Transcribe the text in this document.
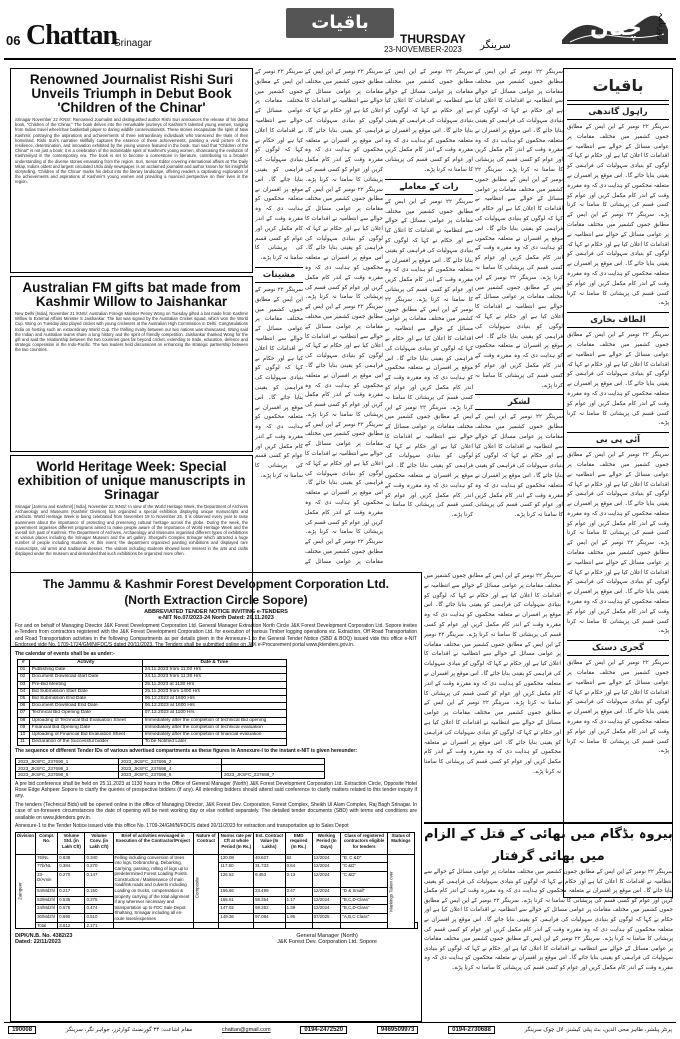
06 Chattan
Srinagar
باقیات
THURSDAY
23-NOVEMBER-2023 سرینگر
چٹان روزنامہ
Renowned Journalist Rishi Suri Unveils Triumph in Debut Book 'Children of the Chinar'

Srinagar November 22 /KNS/: Renowned Journalist and distinguished author Rishi Suri announces the release of his debut book, "Children of the Chinar." The book delves into the remarkable journeys of Kashmir's talented young women, ranging from Indian travel wheelchair basketball player to daring wildlife conservationists. These stories encapsulate the spirit of New Kashmir, portraying the aspirations and achievements of three extraordinary individuals who transcend the trials of their homeland. Rishi Suri's narrative skillfully captures the essence of these achievements, painting a vivid picture of the resilience, determination, and innovation exhibited by the young women featured in the book. Suri said that "Children of the Chinar" is not just a book; it is a celebration of the indomitable spirit of Kashmir's young women, showcasing the evolution of Kashmiriyat in the contemporary era. The book is set to become a cornerstone in literature, contributing to a broader understanding of the diverse stories emanating from the region. Suri, Senior Editor covering international affairs at The Daily Milap, India's oldest and largest circulated Urdu daily newspaper, is an acclaimed journalist and author known for his insightful storytelling. 'Children of the Chinar' marks his debut into the literary landscape, offering readers a captivating exploration of the achievements and aspirations of Kashmir's young women and providing a nuanced perspective on their lives in the region.

Australian FM gifts bat made from Kashmir Willow to Jaishankar

New Delhi [India], November 21 /KNS/: Australian Foreign Minister Penny Wong on Tuesday gifted a bat made from Kashmir Willow to External Affairs Minister S Jaishankar. The bat was signed by the Australian Cricket squad, which won the World Cup. Wong on Tuesday also played cricket with young cricketers at the Australian High Commission in Delhi. Congratulations India on hosting such an extraordinary World Cup. The thrilling rivalry between our two nations was showcased. Wong said the Indian and Australian teams share a long history and the spirit of friendly competition. Jaishankar thanked Wong for the gift and said the relationship between the two countries goes far beyond cricket, extending to trade, education, defence and strategic cooperation in the Indo-Pacific. The two leaders held discussions on enhancing the strategic partnership between the two countries.

World Heritage Week: Special exhibition of unique manuscripts in Srinagar

Srinagar [Jammu and Kashmir] [India], November 22 /KNS/: In view of the World Heritage Week, the Department of Archives Archaeology and Museums (Kashmir Division) has organized a special exhibition displaying unique manuscripts and artefacts. World Heritage Week is being celebrated from November 19 to November 25. It is observed every year to raise awareness about the importance of protecting and preserving cultural heritage across the globe. During the week, the government organises different programs aimed to make people aware of the importance of World Heritage Week and the overall rich past of Kashmir. The Department of Archives, Archaeology and Museums organised different types of exhibitions at various places including the Srinagar Museum and the art gallery. Shergarhi Complex Srinagar which attracted a huge number of people including students. At this event, the department organized painting exhibitions and displayed rare manuscripts, old arms and traditional dresses. The visitors including students showed keen interest in the arts and crafts displayed under the museum and demanded that such exhibitions be organized more often.

سرینگر ۲۲ نومبر کے این ایس کے مطابق جموں کشمیر میں مختلف مقامات پر عوامی مسائل کے حوالے سے انتظامیہ نے اقدامات کا اعلان کیا ہے اور حکام نے کہا کہ لوگوں کو بنیادی سہولیات کی فراہمی کو یقینی بنایا جائے گا۔ اس موقع پر افسران نے متعلقہ محکموں کو ہدایت دی کہ وہ مقررہ وقت کے اندر کام مکمل کریں اور عوام کو کسی قسم کی پریشانی کا سامنا نہ کرنا پڑے۔
مشینات
سرینگر ۲۲ نومبر کے این ایس کے مطابق جموں کشمیر میں مختلف مقامات پر عوامی مسائل کے حوالے سے انتظامیہ نے اقدامات کا اعلان کیا ہے اور حکام نے کہا کہ لوگوں کو بنیادی سہولیات کی فراہمی کو یقینی بنایا جائے گا۔ اس موقع پر افسران نے متعلقہ محکموں کو ہدایت دی کہ وہ مقررہ وقت کے اندر کام مکمل کریں اور عوام کو کسی قسم کی پریشانی کا سامنا نہ کرنا پڑے۔
سرینگر ۲۲ نومبر کے این ایس کے مطابق جموں کشمیر میں مختلف مقامات پر عوامی مسائل کے حوالے سے انتظامیہ نے اقدامات کا اعلان کیا ہے اور حکام نے کہا کہ لوگوں کو بنیادی سہولیات کی فراہمی کو یقینی بنایا جائے گا۔ اس موقع پر افسران نے متعلقہ محکموں کو ہدایت دی کہ وہ مقررہ وقت کے اندر کام مکمل کریں اور عوام کو کسی قسم کی پریشانی کا سامنا نہ کرنا پڑے۔ سرینگر ۲۲ نومبر کے این ایس کے مطابق جموں کشمیر میں مختلف مقامات پر عوامی مسائل کے حوالے سے انتظامیہ نے اقدامات کا اعلان کیا ہے اور حکام نے کہا کہ لوگوں کو بنیادی سہولیات کی فراہمی کو یقینی بنایا جائے گا۔ اس موقع پر افسران نے متعلقہ محکموں کو ہدایت دی کہ وہ مقررہ وقت کے اندر کام مکمل کریں اور عوام کو کسی قسم کی پریشانی کا سامنا نہ کرنا پڑے۔ سرینگر ۲۲ نومبر کے این ایس کے مطابق جموں کشمیر میں مختلف مقامات پر عوامی مسائل کے حوالے سے انتظامیہ نے اقدامات کا اعلان کیا ہے اور حکام نے کہا کہ لوگوں کو بنیادی سہولیات کی فراہمی کو یقینی بنایا جائے گا۔ اس موقع پر افسران نے متعلقہ محکموں کو ہدایت دی کہ وہ مقررہ وقت کے اندر کام مکمل کریں اور عوام کو کسی قسم کی پریشانی کا سامنا نہ کرنا پڑے۔ سرینگر ۲۲ نومبر کے این ایس کے مطابق جموں کشمیر میں مختلف مقامات پر عوامی مسائل کے حوالے سے انتظامیہ نے اقدامات کا اعلان کیا ہے اور حکام نے کہا کہ لوگوں کو بنیادی سہولیات کی فراہمی کو یقینی بنایا جائے گا۔ اس موقع پر افسران نے متعلقہ محکموں کو ہدایت دی کہ وہ مقررہ وقت کے اندر کام مکمل کریں اور عوام کو کسی قسم کی پریشانی کا سامنا نہ کرنا پڑے۔ سرینگر ۲۲ نومبر کے این ایس کے مطابق جموں کشمیر میں مختلف مقامات پر عوامی مسائل کے
سرینگر ۲۲ نومبر کے این ایس کے مطابق جموں کشمیر میں مختلف مقامات پر عوامی مسائل کے حوالے سے انتظامیہ نے اقدامات کا اعلان کیا ہے اور حکام نے کہا کہ لوگوں کو بنیادی سہولیات کی فراہمی کو یقینی بنایا جائے گا۔ اس موقع پر افسران نے متعلقہ محکموں کو ہدایت دی کہ وہ مقررہ وقت کے اندر کام مکمل کریں اور عوام کو کسی قسم کی پریشانی کا سامنا نہ کرنا پڑے۔
رات کے معاملے
سرینگر ۲۲ نومبر کے این ایس کے مطابق جموں کشمیر میں مختلف مقامات پر عوامی مسائل کے حوالے سے انتظامیہ نے اقدامات کا اعلان کیا ہے اور حکام نے کہا کہ لوگوں کو بنیادی سہولیات کی فراہمی کو یقینی بنایا جائے گا۔ اس موقع پر افسران نے متعلقہ محکموں کو ہدایت دی کہ وہ مقررہ وقت کے اندر کام مکمل کریں اور عوام کو کسی قسم کی پریشانی کا سامنا نہ کرنا پڑے۔ سرینگر ۲۲ نومبر کے این ایس کے مطابق جموں کشمیر میں مختلف مقامات پر عوامی مسائل کے حوالے سے انتظامیہ نے اقدامات کا اعلان کیا ہے اور حکام نے کہا کہ لوگوں کو بنیادی سہولیات کی فراہمی کو یقینی بنایا جائے گا۔ اس موقع پر افسران نے متعلقہ محکموں کو ہدایت دی کہ وہ مقررہ وقت کے اندر کام مکمل کریں اور عوام کو کسی قسم کی پریشانی کا سامنا نہ کرنا پڑے۔ سرینگر ۲۲ نومبر کے این ایس کے مطابق جموں کشمیر میں مختلف مقامات پر عوامی مسائل کے حوالے سے انتظامیہ نے اقدامات کا اعلان کیا ہے اور حکام نے کہا کہ لوگوں کو بنیادی سہولیات کی فراہمی کو یقینی بنایا جائے گا۔ اس موقع پر افسران نے متعلقہ محکموں کو ہدایت دی کہ وہ مقررہ وقت کے اندر کام مکمل کریں اور عوام کو کسی قسم کی پریشانی کا سامنا نہ کرنا پڑے۔
سرینگر ۲۲ نومبر کے این ایس کے مطابق جموں کشمیر میں مختلف مقامات پر عوامی مسائل کے حوالے سے انتظامیہ نے اقدامات کا اعلان کیا ہے اور حکام نے کہا کہ لوگوں کو بنیادی سہولیات کی فراہمی کو یقینی بنایا جائے گا۔ اس موقع پر افسران نے متعلقہ محکموں کو ہدایت دی کہ وہ مقررہ وقت کے اندر کام مکمل کریں اور عوام کو کسی قسم کی پریشانی کا سامنا نہ کرنا پڑے۔ سرینگر ۲۲ نومبر کے این ایس کے مطابق جموں کشمیر میں مختلف مقامات پر عوامی مسائل کے حوالے سے انتظامیہ نے اقدامات کا اعلان کیا ہے اور حکام نے کہا کہ لوگوں کو بنیادی سہولیات کی فراہمی کو یقینی بنایا جائے گا۔ اس موقع پر افسران نے متعلقہ محکموں کو ہدایت دی کہ وہ مقررہ وقت کے اندر کام مکمل کریں اور عوام کو کسی قسم کی پریشانی کا سامنا نہ کرنا پڑے۔ سرینگر ۲۲ نومبر کے این ایس کے مطابق جموں کشمیر میں مختلف مقامات پر عوامی مسائل کے حوالے سے انتظامیہ نے اقدامات کا اعلان کیا ہے اور حکام نے کہا کہ لوگوں کو بنیادی سہولیات کی فراہمی کو یقینی بنایا جائے گا۔ اس موقع پر افسران نے متعلقہ محکموں کو ہدایت دی کہ وہ مقررہ وقت کے اندر کام مکمل کریں اور عوام کو کسی قسم کی پریشانی کا سامنا نہ کرنا پڑے۔
لشکر
سرینگر ۲۲ نومبر کے این ایس کے مطابق جموں کشمیر میں مختلف مقامات پر عوامی مسائل کے حوالے سے انتظامیہ نے اقدامات کا اعلان کیا ہے اور حکام نے کہا کہ لوگوں کو بنیادی سہولیات کی فراہمی کو یقینی بنایا جائے گا۔ اس موقع پر افسران نے متعلقہ محکموں کو ہدایت دی کہ وہ مقررہ وقت کے اندر کام مکمل کریں اور عوام کو کسی قسم کی پریشانی کا سامنا نہ کرنا پڑے۔
باقیات
راہول گاندھی
سرینگر ۲۲ نومبر کے این ایس کے مطابق جموں کشمیر میں مختلف مقامات پر عوامی مسائل کے حوالے سے انتظامیہ نے اقدامات کا اعلان کیا ہے اور حکام نے کہا کہ لوگوں کو بنیادی سہولیات کی فراہمی کو یقینی بنایا جائے گا۔ اس موقع پر افسران نے متعلقہ محکموں کو ہدایت دی کہ وہ مقررہ وقت کے اندر کام مکمل کریں اور عوام کو کسی قسم کی پریشانی کا سامنا نہ کرنا پڑے۔ سرینگر ۲۲ نومبر کے این ایس کے مطابق جموں کشمیر میں مختلف مقامات پر عوامی مسائل کے حوالے سے انتظامیہ نے اقدامات کا اعلان کیا ہے اور حکام نے کہا کہ لوگوں کو بنیادی سہولیات کی فراہمی کو یقینی بنایا جائے گا۔ اس موقع پر افسران نے متعلقہ محکموں کو ہدایت دی کہ وہ مقررہ وقت کے اندر کام مکمل کریں اور عوام کو کسی قسم کی پریشانی کا سامنا نہ کرنا پڑے۔
الطاف بخاری
سرینگر ۲۲ نومبر کے این ایس کے مطابق جموں کشمیر میں مختلف مقامات پر عوامی مسائل کے حوالے سے انتظامیہ نے اقدامات کا اعلان کیا ہے اور حکام نے کہا کہ لوگوں کو بنیادی سہولیات کی فراہمی کو یقینی بنایا جائے گا۔ اس موقع پر افسران نے متعلقہ محکموں کو ہدایت دی کہ وہ مقررہ وقت کے اندر کام مکمل کریں اور عوام کو کسی قسم کی پریشانی کا سامنا نہ کرنا پڑے۔
آئی پی بی
سرینگر ۲۲ نومبر کے این ایس کے مطابق جموں کشمیر میں مختلف مقامات پر عوامی مسائل کے حوالے سے انتظامیہ نے اقدامات کا اعلان کیا ہے اور حکام نے کہا کہ لوگوں کو بنیادی سہولیات کی فراہمی کو یقینی بنایا جائے گا۔ اس موقع پر افسران نے متعلقہ محکموں کو ہدایت دی کہ وہ مقررہ وقت کے اندر کام مکمل کریں اور عوام کو کسی قسم کی پریشانی کا سامنا نہ کرنا پڑے۔ سرینگر ۲۲ نومبر کے این ایس کے مطابق جموں کشمیر میں مختلف مقامات پر عوامی مسائل کے حوالے سے انتظامیہ نے اقدامات کا اعلان کیا ہے اور حکام نے کہا کہ لوگوں کو بنیادی سہولیات کی فراہمی کو یقینی بنایا جائے گا۔ اس موقع پر افسران نے متعلقہ محکموں کو ہدایت دی کہ وہ مقررہ وقت کے اندر کام مکمل کریں اور عوام کو کسی قسم کی پریشانی کا سامنا نہ کرنا پڑے۔
گجری دستک
سرینگر ۲۲ نومبر کے این ایس کے مطابق جموں کشمیر میں مختلف مقامات پر عوامی مسائل کے حوالے سے انتظامیہ نے اقدامات کا اعلان کیا ہے اور حکام نے کہا کہ لوگوں کو بنیادی سہولیات کی فراہمی کو یقینی بنایا جائے گا۔ اس موقع پر افسران نے متعلقہ محکموں کو ہدایت دی کہ وہ مقررہ وقت کے اندر کام مکمل کریں اور عوام کو کسی قسم کی پریشانی کا سامنا نہ کرنا پڑے۔
The Jammu & Kashmir Forest Development Corporation Ltd.
(North Extraction Circle Sopore)
ABBREVIATED TENDER NOTICE INVITING e-TENDERS
e-NIT No.07/2023-24 North Dated: 20.11.2023
For and on behalf of Managing Director J&K Forest Development Corporation Ltd. General Manager Extraction North Circle J&K Forest Development Corporation Ltd. Sopore invites e-Tenders from contractors registered with the J&K Forest Development Corporation Ltd. for execution of various Timber logging operations viz. Extraction, Off Road Transportation and Road Transportation activities in the following Compartments as per details given in the Annexure-1 to the General Tender Notice (SBD & BOQ) issued vide this office e-NIT Endorsed vide No. 1709-1724/GM/N/FDC/S dated 20/11/2023. The Tenders shall be submitted online on J&K e-Procurement portal www.jktenders.gov.in.
The calendar of events shall be as under:-
#	Activity	Date & Time
01	Publishing Date	24.11.2023 from 11:00 Hrs
02	Document Download start Date	24.11.2023 from 11:30 Hrs
03	Pre-Bid Meeting	25.11.2023 at 1130 Hrs
04	Bid Submission Start Date	25.11.2023 from 1400 Hrs
05	Bid Submission End Date	06.12.2023 at 1600 Hrs
06	Document Download End Date	06.12.2023 at 1600 Hrs
07	Technical Bid Opening Date	07.12.2023 at 1100 Hrs
08	Uploading of Technical Bid Evaluation Sheet	Immediately after the completion of technical Bid opening
09	Financial Bid Opening Date	Immediately after the completion of technical evaluation
10	Uploading of Financial Bid Evaluation Sheet	Immediately after the completion of financial evaluation
11	Declaration of the Successful bidder	To be Notified Later
The sequence of different Tender IDs of various advertised compartments as these figures in Annexure-I to the instant e-NIT is given hereunder:
2023_JKSFC_237690_1	2023_JKSFC_237696_2	
2023_JKSFC_237698_3	2023_JKSFC_237698_4	
2023_JKSFC_237698_5	2023_JKSFC_237698_6	2023_JKSFC_237698_7
A pre bid conference shall be held on 25.11.2023 at 1130 hours in the Office of General Manager (North) J&K Forest Development Corporation Ltd. Extraction Circle, Opposite Hotel Rose Edge Ashpeer Sopore to clarify the queries of prospective bidders (if any). All intending bidders should attend said conference to clarify matters related to this tender inquiry if any.
The tenders (Technical Bids) will be opened online in the office of Managing Director, J&K Forest Dev. Corporation, Forest Complex, Sheikh Ul Alam Complex, Raj Bagh Srinagar. In case of un-foreseen circumstances the date of opening will be next working day or else notified separately. The detailed tender documents (SBD) with terms and conditions are available on www.jktenders.gov.in.
Annexure-1 to the Tender Notice issued vide this office No. 1709-24/GM/N/FDC/S dated 20/11/2023 for extraction and transportation up to Sales Depot
Division	Compt. No.	Volume Std. (in Lakh Cft)	Volume Conv. (in Lakh Cft)	Brief of activities envisaged in Execution of the Contractor/Project	Nature of Contract	Norms rate per Cft at whole Period (In Rs.)	Est. Contract Value (In Lakhs)	EMD required (In Rs.)	Working Period (In Days)	Class of registered contractors eligible for tenders	Status of Markings	
Zaingeer	76/NL	0.838	0.340	Felling including conversion of trees into logs, Debranching, Debarking, Carrying, passing, rolling of logs up to predetermined Forest Loading Points. Construction / Maintenance of main road/link roads and culverts including Loading on trucks, compensation & property carrying of the total alignment if any wherever necessary and transportation up to FDC Sale Depot Shaltang, Srinagar including all en-route loses/expenses	Composite	120.08	40.627	62	12/2024	"B, C &D"	Markings Taken over	
	77b/NL	0.384	0.270			117.50	31.733	0.64	12/2024	"C &D"		
	23-D/Amin	0.270	0.147			126.52	8.453	0.13	12/2024	"C &D"		
	54/Mdzhl	0.217	0.150			156.66	23.499	0.47	12/2024	"D & Small"		
	53/Mdzhl	0.535	0.375			155.61	58.354	1.17	12/2024	"B,C,D-Class"		
	24/Mdzhl	0.676	0.474			147.02	69.252	1.39	12/2024	"B,C,D-Class"		
	30/Mdzhl	0.690	0.510			149.36	97.084	1.95	07/2025	"A,B,C Class"		
	Total	3.612	2.171									
DIPK/N.B. No. 4382/23
Dated: 22/11/2023
General Manager (North)
J&K Forest Dev. Corporation Ltd. Sopore
سرینگر ۲۲ نومبر کے این ایس کے مطابق جموں کشمیر میں مختلف مقامات پر عوامی مسائل کے حوالے سے انتظامیہ نے اقدامات کا اعلان کیا ہے اور حکام نے کہا کہ لوگوں کو بنیادی سہولیات کی فراہمی کو یقینی بنایا جائے گا۔ اس موقع پر افسران نے متعلقہ محکموں کو ہدایت دی کہ وہ مقررہ وقت کے اندر کام مکمل کریں اور عوام کو کسی قسم کی پریشانی کا سامنا نہ کرنا پڑے۔ سرینگر ۲۲ نومبر کے این ایس کے مطابق جموں کشمیر میں مختلف مقامات پر عوامی مسائل کے حوالے سے انتظامیہ نے اقدامات کا اعلان کیا ہے اور حکام نے کہا کہ لوگوں کو بنیادی سہولیات کی فراہمی کو یقینی بنایا جائے گا۔ اس موقع پر افسران نے متعلقہ محکموں کو ہدایت دی کہ وہ مقررہ وقت کے اندر کام مکمل کریں اور عوام کو کسی قسم کی پریشانی کا سامنا نہ کرنا پڑے۔ سرینگر ۲۲ نومبر کے این ایس کے مطابق جموں کشمیر میں مختلف مقامات پر عوامی مسائل کے حوالے سے انتظامیہ نے اقدامات کا اعلان کیا ہے اور حکام نے کہا کہ لوگوں کو بنیادی سہولیات کی فراہمی کو یقینی بنایا جائے گا۔ اس موقع پر افسران نے متعلقہ محکموں کو ہدایت دی کہ وہ مقررہ وقت کے اندر کام مکمل کریں اور عوام کو کسی قسم کی پریشانی کا سامنا نہ کرنا پڑے۔
بیروہ بڈگام میں بھائی کے قتل کے الزام میں بھائی گرفتار
سرینگر ۲۲ نومبر کے این ایس کے مطابق جموں کشمیر میں مختلف مقامات پر عوامی مسائل کے حوالے سے انتظامیہ نے اقدامات کا اعلان کیا ہے اور حکام نے کہا کہ لوگوں کو بنیادی سہولیات کی فراہمی کو یقینی بنایا جائے گا۔ اس موقع پر افسران نے متعلقہ محکموں کو ہدایت دی کہ وہ مقررہ وقت کے اندر کام مکمل کریں اور عوام کو کسی قسم کی پریشانی کا سامنا نہ کرنا پڑے۔ سرینگر ۲۲ نومبر کے این ایس کے مطابق جموں کشمیر میں مختلف مقامات پر عوامی مسائل کے حوالے سے انتظامیہ نے اقدامات کا اعلان کیا ہے اور حکام نے کہا کہ لوگوں کو بنیادی سہولیات کی فراہمی کو یقینی بنایا جائے گا۔ اس موقع پر افسران نے متعلقہ محکموں کو ہدایت دی کہ وہ مقررہ وقت کے اندر کام مکمل کریں اور عوام کو کسی قسم کی پریشانی کا سامنا نہ کرنا پڑے۔ سرینگر ۲۲ نومبر کے این ایس کے مطابق جموں کشمیر میں مختلف مقامات پر عوامی مسائل کے حوالے سے انتظامیہ نے اقدامات کا اعلان کیا ہے اور حکام نے کہا کہ لوگوں کو بنیادی سہولیات کی فراہمی کو یقینی بنایا جائے گا۔ اس موقع پر افسران نے متعلقہ محکموں کو ہدایت دی کہ وہ مقررہ وقت کے اندر کام مکمل کریں اور عوام کو کسی قسم کی پریشانی کا سامنا نہ کرنا پڑے۔
پرنٹر پبلشر، طاہر محی الدین، بٹ پبلی کیشنز، لال چوک سرینگر
0194-2730688
9469509973
0194-2472520
chattan@gmail.com
مقام اشاعت: ۳۴ گورنمنٹ کوارٹرز، جواہر نگر، سرینگر
190008
